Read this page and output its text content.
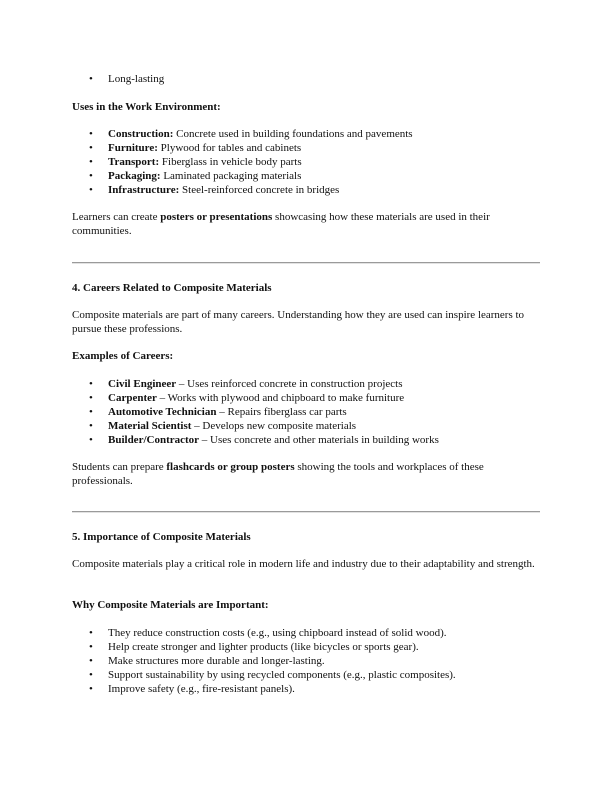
• Long-lasting
Uses in the Work Environment:
• Construction: Concrete used in building foundations and pavements
• Furniture: Plywood for tables and cabinets
• Transport: Fiberglass in vehicle body parts
• Packaging: Laminated packaging materials
• Infrastructure: Steel-reinforced concrete in bridges

Learners can create posters or presentations showcasing how these materials are used in their communities.

4. Careers Related to Composite Materials

Composite materials are part of many careers. Understanding how they are used can inspire learners to pursue these professions.

Examples of Careers:
• Civil Engineer – Uses reinforced concrete in construction projects
• Carpenter – Works with plywood and chipboard to make furniture
• Automotive Technician – Repairs fiberglass car parts
• Material Scientist – Develops new composite materials
• Builder/Contractor – Uses concrete and other materials in building works

Students can prepare flashcards or group posters showing the tools and workplaces of these professionals.

5. Importance of Composite Materials

Composite materials play a critical role in modern life and industry due to their adaptability and strength.

Why Composite Materials are Important:
• They reduce construction costs (e.g., using chipboard instead of solid wood).
• Help create stronger and lighter products (like bicycles or sports gear).
• Make structures more durable and longer-lasting.
• Support sustainability by using recycled components (e.g., plastic composites).
• Improve safety (e.g., fire-resistant panels).
